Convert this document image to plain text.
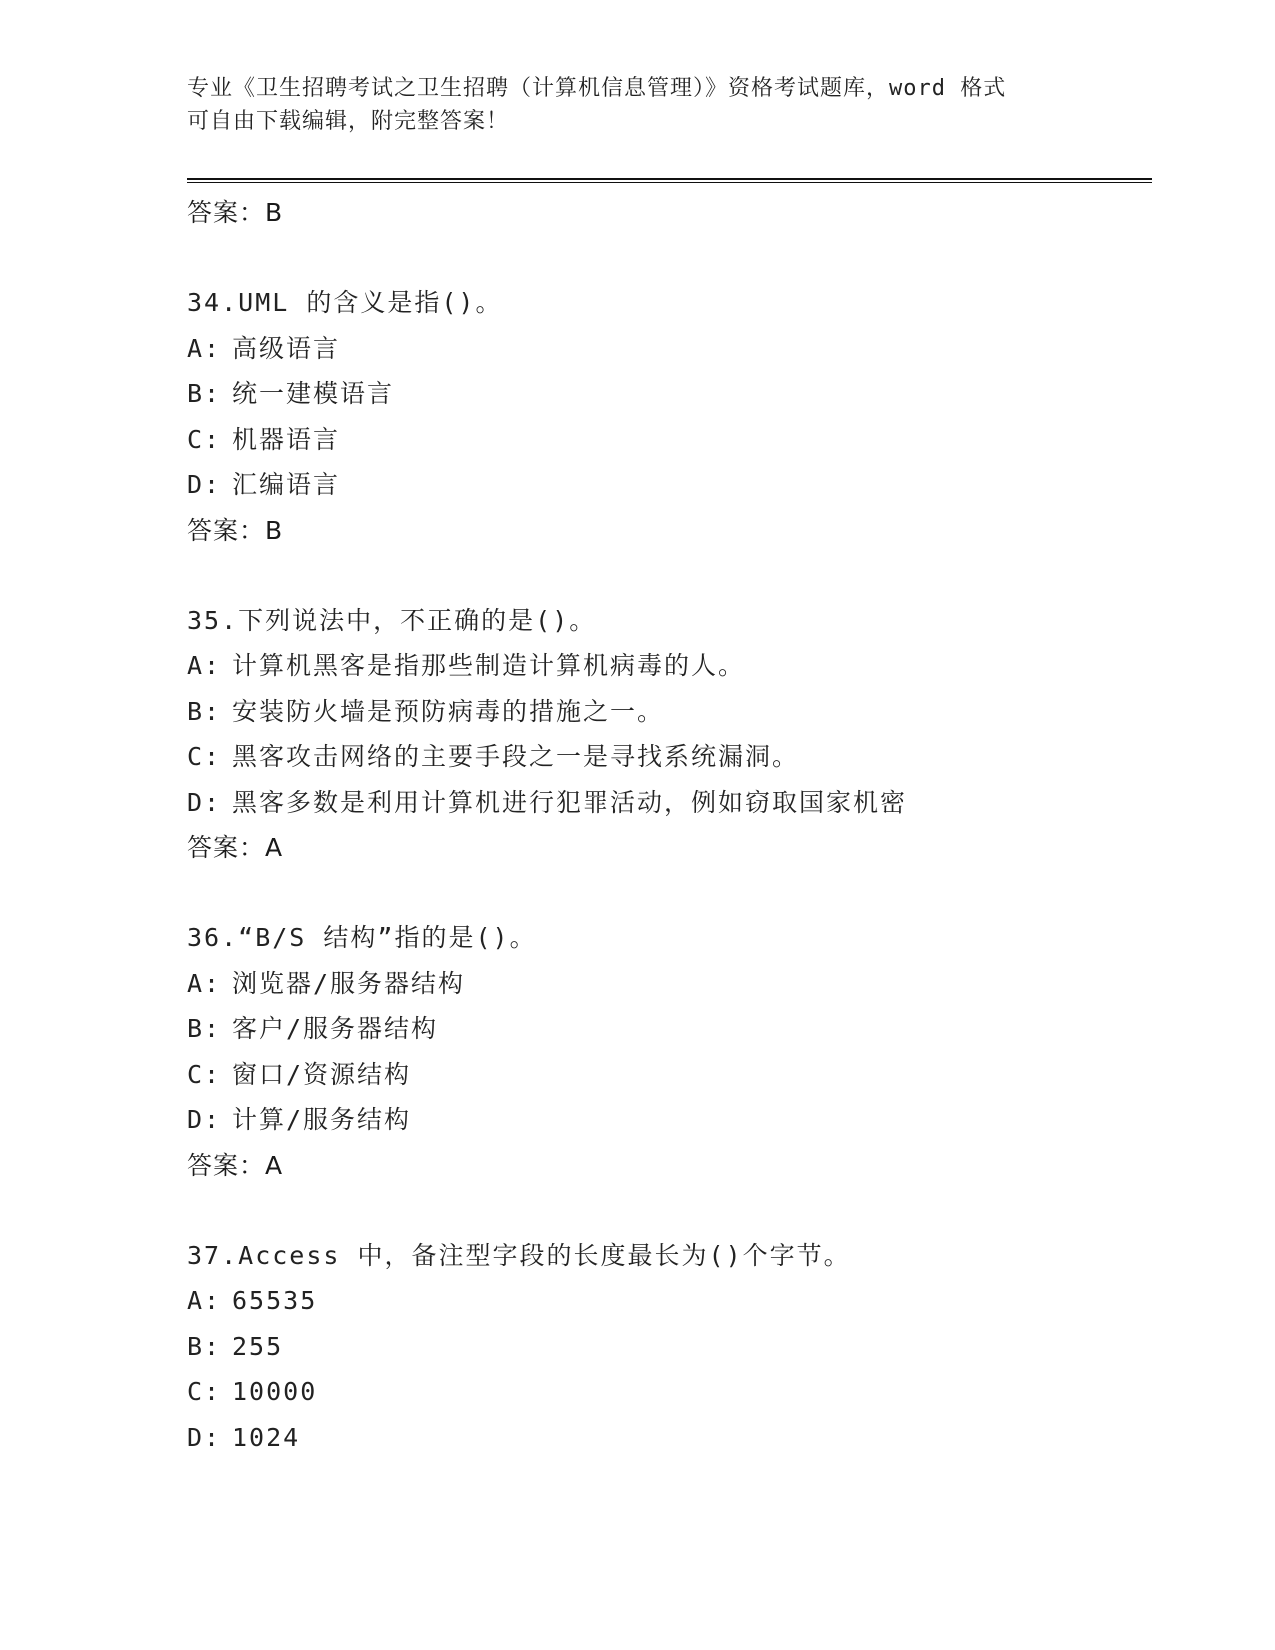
专业《卫生招聘考试之卫生招聘（计算机信息管理）》资格考试题库，word 格式
可自由下载编辑，附完整答案！
答案：B
34.UML 的含义是指()。
A: 高级语言
B: 统一建模语言
C: 机器语言
D: 汇编语言
答案：B
35.下列说法中，不正确的是()。
A: 计算机黑客是指那些制造计算机病毒的人。
B: 安装防火墙是预防病毒的措施之一。
C: 黑客攻击网络的主要手段之一是寻找系统漏洞。
D: 黑客多数是利用计算机进行犯罪活动，例如窃取国家机密
答案：A
36.“B/S 结构”指的是()。
A: 浏览器/服务器结构
B: 客户/服务器结构
C: 窗口/资源结构
D: 计算/服务结构
答案：A
37.Access 中，备注型字段的长度最长为()个字节。
A: 65535
B: 255
C: 10000
D: 1024
